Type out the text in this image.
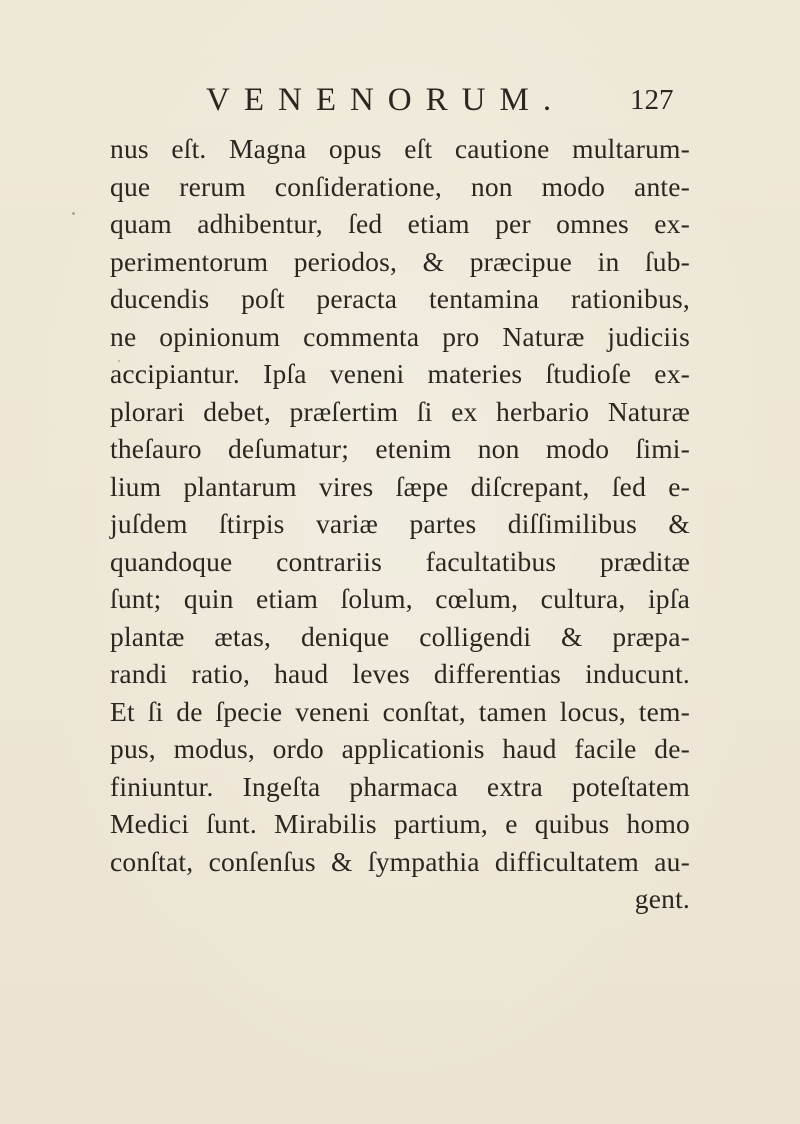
VENENORUM. 127
nus eſt. Magna opus eſt cautione multarum-
que rerum conſideratione, non modo ante-
quam adhibentur, ſed etiam per omnes ex-
perimentorum periodos, & præcipue in ſub-
ducendis poſt peracta tentamina rationibus,
ne opinionum commenta pro Naturæ judiciis
accipiantur. Ipſa veneni materies ſtudioſe ex-
plorari debet, præſertim ſi ex herbario Naturæ
theſauro deſumatur; etenim non modo ſimi-
lium plantarum vires ſæpe diſcrepant, ſed e-
juſdem ſtirpis variæ partes diſſimilibus &
quandoque contrariis facultatibus præditæ
ſunt; quin etiam ſolum, cœlum, cultura, ipſa
plantæ ætas, denique colligendi & præpa-
randi ratio, haud leves differentias inducunt.
Et ſi de ſpecie veneni conſtat, tamen locus, tem-
pus, modus, ordo applicationis haud facile de-
finiuntur. Ingeſta pharmaca extra poteſtatem
Medici ſunt. Mirabilis partium, e quibus homo
conſtat, conſenſus & ſympathia difficultatem au-
gent.
